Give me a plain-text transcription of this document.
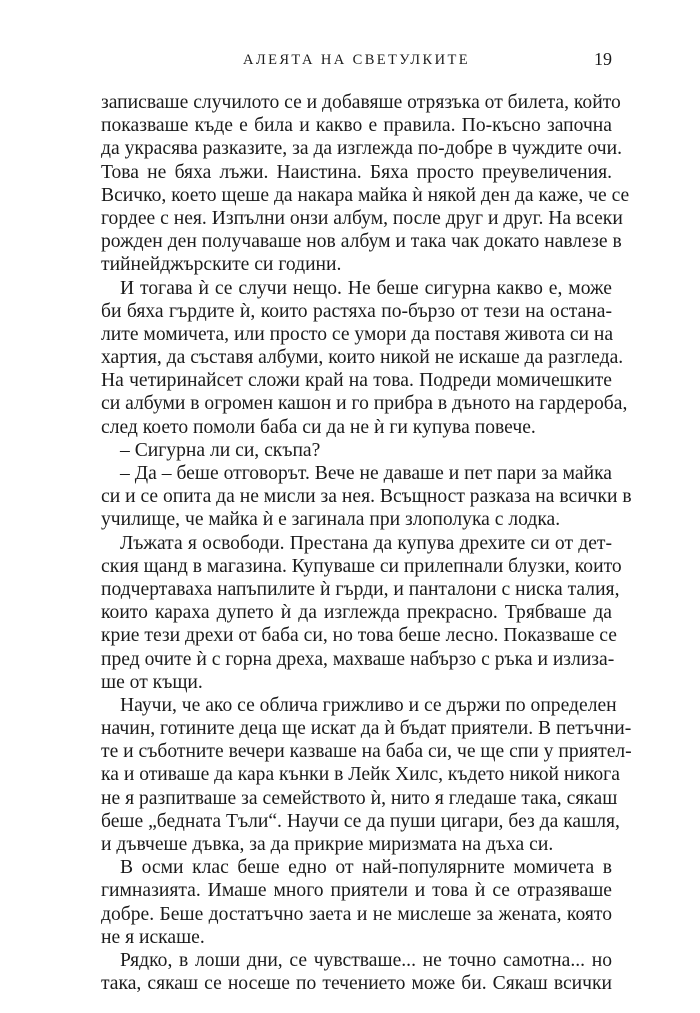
АЛЕЯТА НА СВЕТУЛКИТЕ	19
записваше случилото се и добавяше отрязъка от билета, който
показваше къде е била и какво е правила. По-късно започна
да украсява разказите, за да изглежда по-добре в чуждите очи.
Това не бяха лъжи. Наистина. Бяха просто преувеличения.
Всичко, което щеше да накара майка ѝ някой ден да каже, че се
гордее с нея. Изпълни онзи албум, после друг и друг. На всеки
рожден ден получаваше нов албум и така чак докато навлезе в
тийнейджърските си години.
И тогава ѝ се случи нещо. Не беше сигурна какво е, може
би бяха гърдите ѝ, които растяха по-бързо от тези на остана-
лите момичета, или просто се умори да поставя живота си на
хартия, да съставя албуми, които никой не искаше да разгледа.
На четиринайсет сложи край на това. Подреди момичешките
си албуми в огромен кашон и го прибра в дъното на гардероба,
след което помоли баба си да не ѝ ги купува повече.
– Сигурна ли си, скъпа?
– Да – беше отговорът. Вече не даваше и пет пари за майка
си и се опита да не мисли за нея. Всъщност разказа на всички в
училище, че майка ѝ е загинала при злополука с лодка.
Лъжата я освободи. Престана да купува дрехите си от дет-
ския щанд в магазина. Купуваше си прилепнали блузки, които
подчертаваха напъпилите ѝ гърди, и панталони с ниска талия,
които караха дупето ѝ да изглежда прекрасно. Трябваше да
крие тези дрехи от баба си, но това беше лесно. Показваше се
пред очите ѝ с горна дреха, махваше набързо с ръка и излиза-
ше от къщи.
Научи, че ако се облича грижливо и се държи по определен
начин, готините деца ще искат да ѝ бъдат приятели. В петъчни-
те и съботните вечери казваше на баба си, че ще спи у приятел-
ка и отиваше да кара кънки в Лейк Хилс, където никой никога
не я разпитваше за семейството ѝ, нито я гледаше така, сякаш
беше „бедната Тъли“. Научи се да пуши цигари, без да кашля,
и дъвчеше дъвка, за да прикрие миризмата на дъха си.
В осми клас беше едно от най-популярните момичета в
гимназията. Имаше много приятели и това ѝ се отразяваше
добре. Беше достатъчно заета и не мислеше за жената, която
не я искаше.
Рядко, в лоши дни, се чувстваше... не точно самотна... но
така, сякаш се носеше по течението може би. Сякаш всички
